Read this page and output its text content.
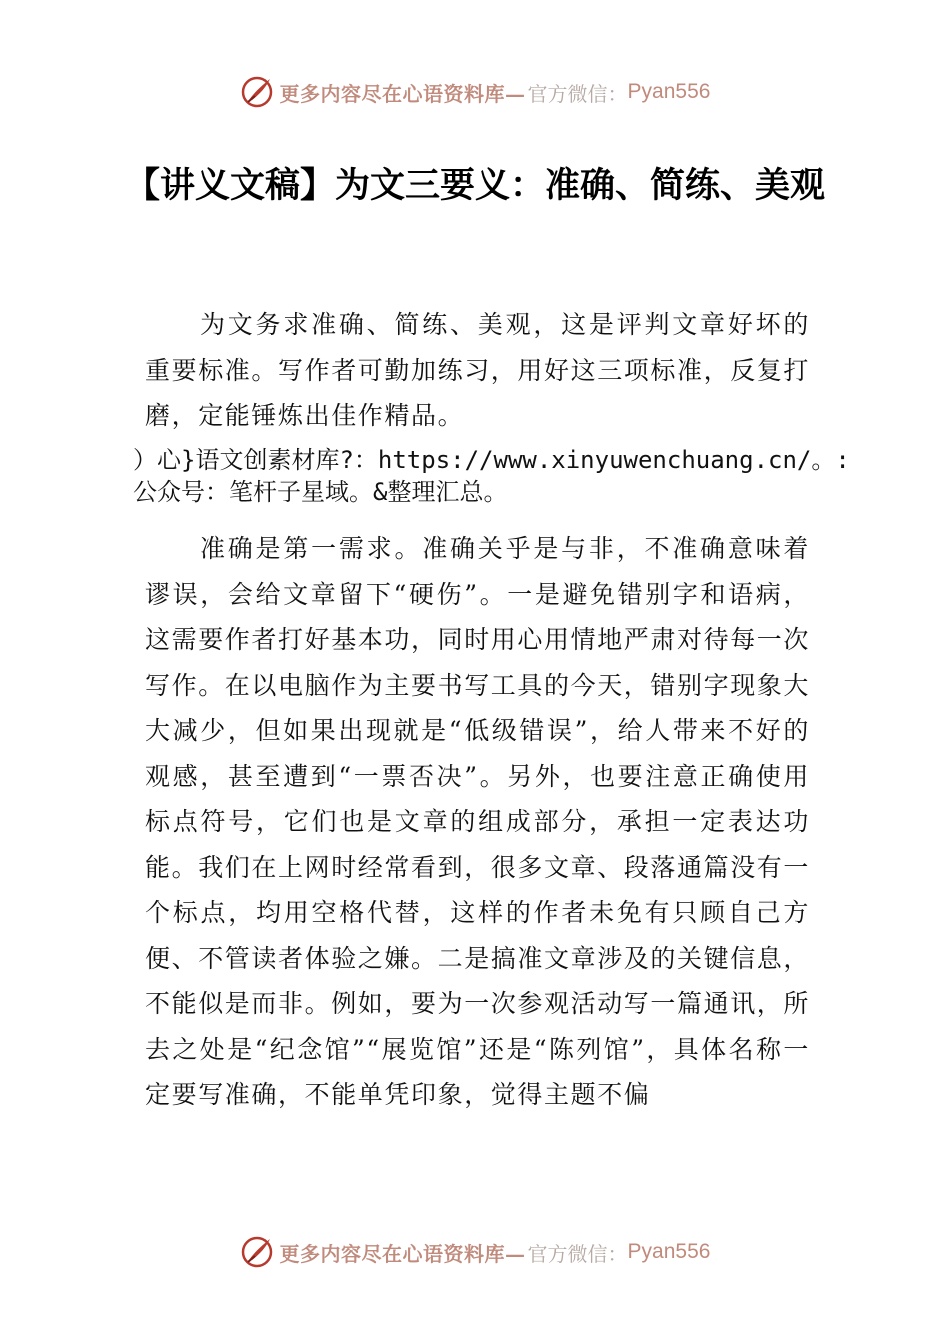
更多内容尽在心语资料库— 官方微信： Pyan556
【讲义文稿】为文三要义：准确、简练、美观

为文务求准确、简练、美观，这是评判文章好坏的重要标准。写作者可勤加练习，用好这三项标准，反复打磨，定能锤炼出佳作精品。

）心}语文创素材库?：https://www.xinyuwenchuang.cn/。:公众号：笔杆子星域。&整理汇总。

准确是第一需求。准确关乎是与非，不准确意味着谬误，会给文章留下“硬伤”。一是避免错别字和语病，这需要作者打好基本功，同时用心用情地严肃对待每一次写作。在以电脑作为主要书写工具的今天，错别字现象大大减少，但如果出现就是“低级错误”，给人带来不好的观感，甚至遭到“一票否决”。另外，也要注意正确使用标点符号，它们也是文章的组成部分，承担一定表达功能。我们在上网时经常看到，很多文章、段落通篇没有一个标点，均用空格代替，这样的作者未免有只顾自己方便、不管读者体验之嫌。二是搞准文章涉及的关键信息，不能似是而非。例如，要为一次参观活动写一篇通讯，所去之处是“纪念馆”“展览馆”还是“陈列馆”，具体名称一定要写准确，不能单凭印象，觉得主题不偏

更多内容尽在心语资料库— 官方微信： Pyan556
